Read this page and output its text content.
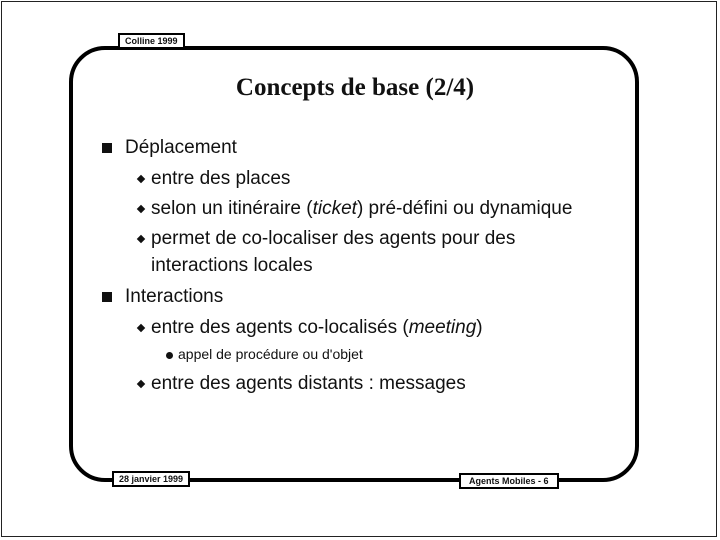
Colline 1999
Concepts de base (2/4)
Déplacement
entre des places
selon un itinéraire (ticket) pré-défini ou dynamique
permet de co-localiser des agents pour des
interactions locales
Interactions
entre des agents co-localisés (meeting)
appel de procédure ou d'objet
entre des agents distants : messages
28 janvier 1999	Agents Mobiles - 6
